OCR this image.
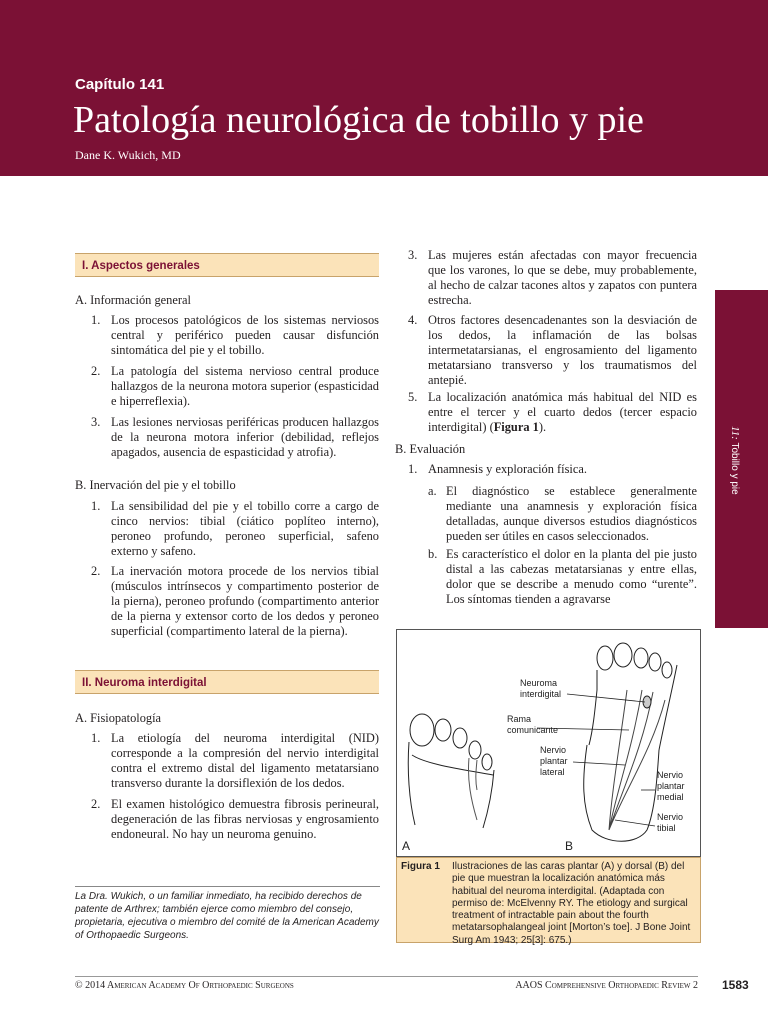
Capítulo 141
Patología neurológica de tobillo y pie
Dane K. Wukich, MD
11: Tobillo y pie
I. Aspectos generales
A. Información general
1. Los procesos patológicos de los sistemas nerviosos central y periférico pueden causar disfunción sintomática del pie y el tobillo.
2. La patología del sistema nervioso central produce hallazgos de la neurona motora superior (espasticidad e hiperreflexia).
3. Las lesiones nerviosas periféricas producen hallazgos de la neurona motora inferior (debilidad, reflejos apagados, ausencia de espasticidad y atrofia).
B. Inervación del pie y el tobillo
1. La sensibilidad del pie y el tobillo corre a cargo de cinco nervios: tibial (ciático poplíteo interno), peroneo profundo, peroneo superficial, safeno externo y safeno.
2. La inervación motora procede de los nervios tibial (músculos intrínsecos y compartimento posterior de la pierna), peroneo profundo (compartimento anterior de la pierna y extensor corto de los dedos y peroneo superficial (compartimento lateral de la pierna).
II. Neuroma interdigital
A. Fisiopatología
1. La etiología del neuroma interdigital (NID) corresponde a la compresión del nervio interdigital contra el extremo distal del ligamento metatarsiano transverso durante la dorsiflexión de los dedos.
2. El examen histológico demuestra fibrosis perineural, degeneración de las fibras nerviosas y engrosamiento endoneural. No hay un neuroma genuino.
La Dra. Wukich, o un familiar inmediato, ha recibido derechos de patente de Arthrex; también ejerce como miembro del consejo, propietaria, ejecutiva o miembro del comité de la American Academy of Orthopaedic Surgeons.
3. Las mujeres están afectadas con mayor frecuencia que los varones, lo que se debe, muy probablemente, al hecho de calzar tacones altos y zapatos con puntera estrecha.
4. Otros factores desencadenantes son la desviación de los dedos, la inflamación de las bolsas intermetatarsianas, el engrosamiento del ligamento metatarsiano transverso y los traumatismos del antepié.
5. La localización anatómica más habitual del NID es entre el tercer y el cuarto dedos (tercer espacio interdigital) (Figura 1).
B. Evaluación
1. Anamnesis y exploración física.
a. El diagnóstico se establece generalmente mediante una anamnesis y exploración física detalladas, aunque diversos estudios diagnósticos pueden ser útiles en casos seleccionados.
b. Es característico el dolor en la planta del pie justo distal a las cabezas metatarsianas y entre ellas, dolor que se describe a menudo como “urente”. Los síntomas tienden a agravarse
Neuroma
interdigital
Rama
comunicante
Nervio
plantar
lateral	Nervio
plantar
medial
Nervio
tibial
A	B
Figura 1 Ilustraciones de las caras plantar (A) y dorsal (B) del pie que muestran la localización anatómica más habitual del neuroma interdigital. (Adaptada con permiso de: McElvenny RY. The etiology and surgical treatment of intractable pain about the fourth metatarsophalangeal joint [Morton’s toe]. J Bone Joint Surg Am 1943; 25[3]: 675.)
© 2014 American Academy Of Orthopaedic Surgeons	AAOS Comprehensive Orthopaedic Review 2 1583
